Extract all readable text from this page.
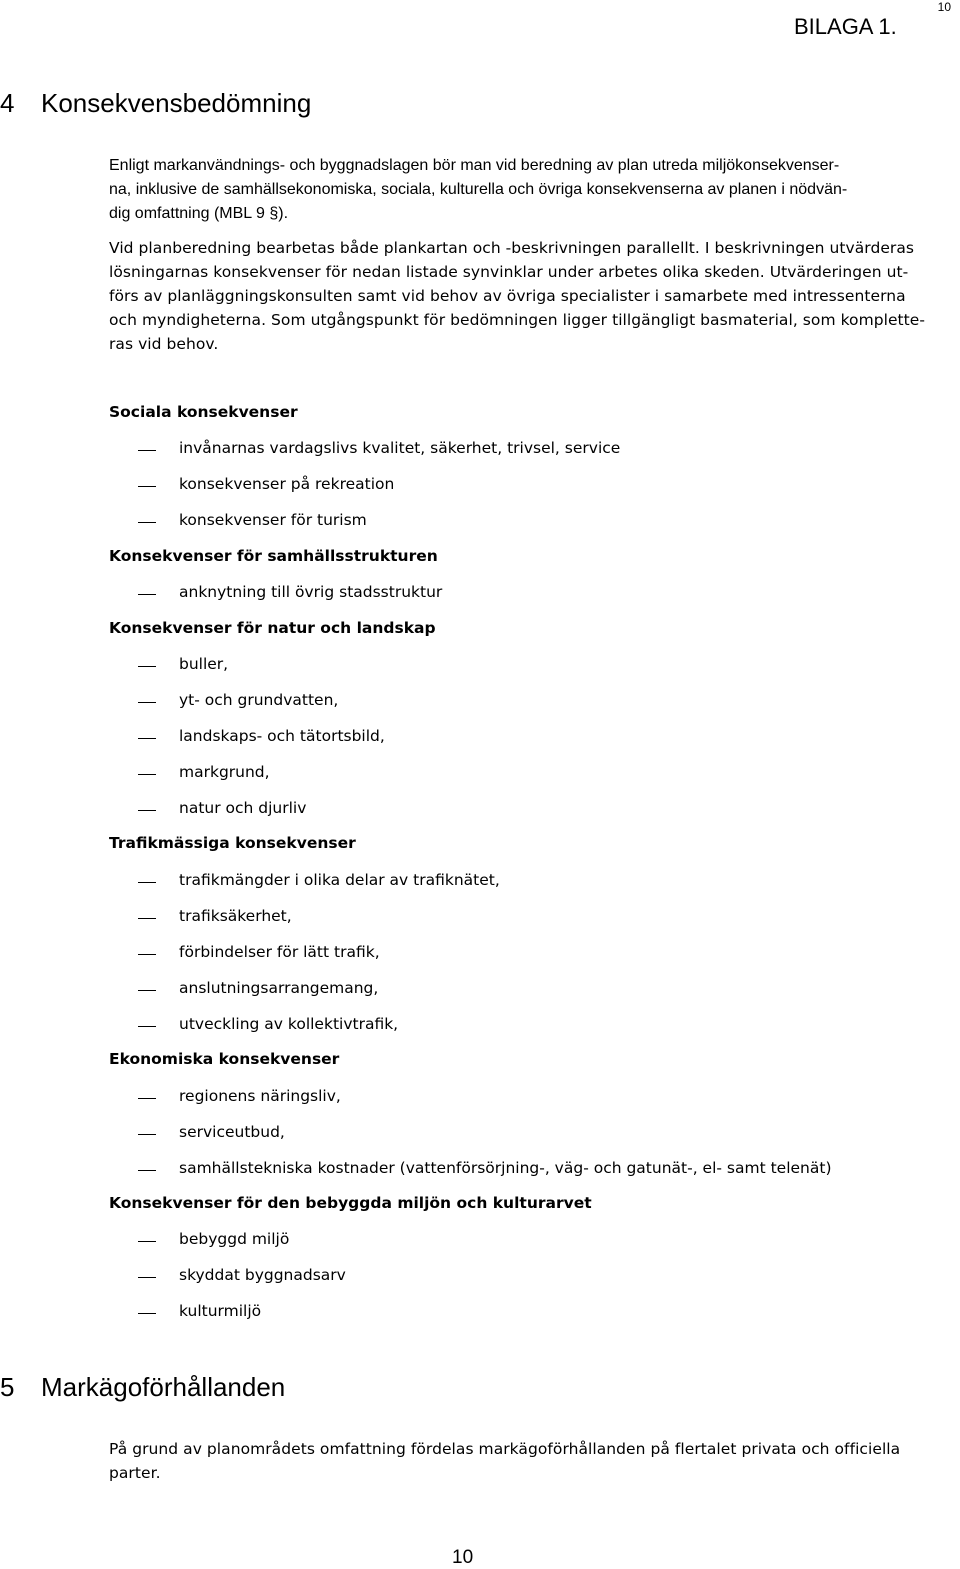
10
BILAGA 1.
4 Konsekvensbedömning
Enligt markanvändnings- och byggnadslagen bör man vid beredning av plan utreda miljökonsekvenser-
na, inklusive de samhällsekonomiska, sociala, kulturella och övriga konsekvenserna av planen i nödvän-
dig omfattning (MBL 9 §).
Vid planberedning bearbetas både plankartan och -beskrivningen parallellt. I beskrivningen utvärderas
lösningarnas konsekvenser för nedan listade synvinklar under arbetes olika skeden. Utvärderingen ut-
förs av planläggningskonsulten samt vid behov av övriga specialister i samarbete med intressenterna
och myndigheterna. Som utgångspunkt för bedömningen ligger tillgängligt basmaterial, som komplette-
ras vid behov.
Sociala konsekvenser
invånarnas vardagslivs kvalitet, säkerhet, trivsel, service
konsekvenser på rekreation
konsekvenser för turism
Konsekvenser för samhällsstrukturen
anknytning till övrig stadsstruktur
Konsekvenser för natur och landskap
buller,
yt- och grundvatten,
landskaps- och tätortsbild,
markgrund,
natur och djurliv
Trafikmässiga konsekvenser
trafikmängder i olika delar av trafiknätet,
trafiksäkerhet,
förbindelser för lätt trafik,
anslutningsarrangemang,
utveckling av kollektivtrafik,
Ekonomiska konsekvenser
regionens näringsliv,
serviceutbud,
samhällstekniska kostnader (vattenförsörjning-, väg- och gatunät-, el- samt telenät)
Konsekvenser för den bebyggda miljön och kulturarvet
bebyggd miljö
skyddat byggnadsarv
kulturmiljö
5 Markägoförhållanden
På grund av planområdets omfattning fördelas markägoförhållanden på flertalet privata och officiella
parter.
10
